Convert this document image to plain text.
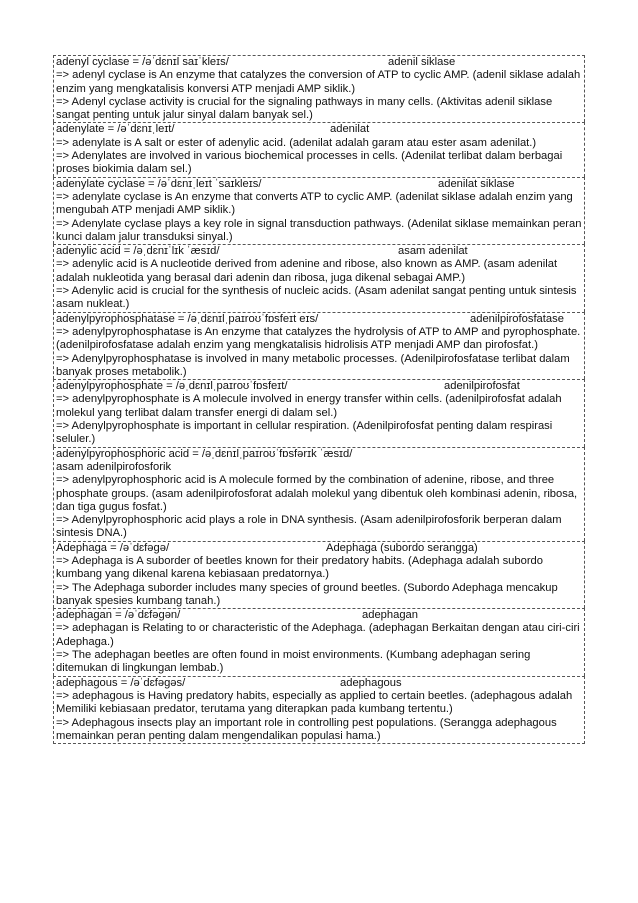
adenyl cyclase = /əˈdɛnɪl saɪˈkleɪs/	adenil siklase
=> adenyl cyclase is An enzyme that catalyzes the conversion of ATP to cyclic AMP. (adenil siklase adalah enzim yang mengkatalisis konversi ATP menjadi AMP siklik.)
=> Adenyl cyclase activity is crucial for the signaling pathways in many cells. (Aktivitas adenil siklase sangat penting untuk jalur sinyal dalam banyak sel.)
adenylate = /əˈdɛnɪˌleɪt/	adenilat
=> adenylate is A salt or ester of adenylic acid. (adenilat adalah garam atau ester asam adenilat.)
=> Adenylates are involved in various biochemical processes in cells. (Adenilat terlibat dalam berbagai proses biokimia dalam sel.)
adenylate cyclase = /əˈdɛnɪˌleɪt ˈsaɪkleɪs/	adenilat siklase
=> adenylate cyclase is An enzyme that converts ATP to cyclic AMP. (adenilat siklase adalah enzim yang mengubah ATP menjadi AMP siklik.)
=> Adenylate cyclase plays a key role in signal transduction pathways. (Adenilat siklase memainkan peran kunci dalam jalur transduksi sinyal.)
adenylic acid = /əˌdɛnɪˈlɪk ˈæsɪd/	asam adenilat
=> adenylic acid is A nucleotide derived from adenine and ribose, also known as AMP. (asam adenilat adalah nukleotida yang berasal dari adenin dan ribosa, juga dikenal sebagai AMP.)
=> Adenylic acid is crucial for the synthesis of nucleic acids. (Asam adenilat sangat penting untuk sintesis asam nukleat.)
adenylpyrophosphatase = /əˌdɛnɪlˌpaɪroʊˈfɒsfeɪt eɪs/	adenilpirofosfatase
=> adenylpyrophosphatase is An enzyme that catalyzes the hydrolysis of ATP to AMP and pyrophosphate. (adenilpirofosfatase adalah enzim yang mengkatalisis hidrolisis ATP menjadi AMP dan pirofosfat.)
=> Adenylpyrophosphatase is involved in many metabolic processes. (Adenilpirofosfatase terlibat dalam banyak proses metabolik.)
adenylpyrophosphate = /əˌdɛnɪlˌpaɪroʊˈfɒsfeɪt/	adenilpirofosfat
=> adenylpyrophosphate is A molecule involved in energy transfer within cells. (adenilpirofosfat adalah molekul yang terlibat dalam transfer energi di dalam sel.)
=> Adenylpyrophosphate is important in cellular respiration. (Adenilpirofosfat penting dalam respirasi seluler.)
adenylpyrophosphoric acid = /əˌdɛnɪlˌpaɪroʊˈfɒsfərɪk ˈæsɪd/
asam adenilpirofosforik
=> adenylpyrophosphoric acid is A molecule formed by the combination of adenine, ribose, and three phosphate groups. (asam adenilpirofosforat adalah molekul yang dibentuk oleh kombinasi adenin, ribosa, dan tiga gugus fosfat.)
=> Adenylpyrophosphoric acid plays a role in DNA synthesis. (Asam adenilpirofosforik berperan dalam sintesis DNA.)
Adephaga = /əˈdɛfəgə/	Adephaga (subordo serangga)
=> Adephaga is A suborder of beetles known for their predatory habits. (Adephaga adalah subordo kumbang yang dikenal karena kebiasaan predatornya.)
=> The Adephaga suborder includes many species of ground beetles. (Subordo Adephaga mencakup banyak spesies kumbang tanah.)
adephagan = /əˈdɛfəgən/	adephagan
=> adephagan is Relating to or characteristic of the Adephaga. (adephagan Berkaitan dengan atau ciri-ciri Adephaga.)
=> The adephagan beetles are often found in moist environments. (Kumbang adephagan sering ditemukan di lingkungan lembab.)
adephagous = /əˈdɛfəgəs/	adephagous
=> adephagous is Having predatory habits, especially as applied to certain beetles. (adephagous adalah Memiliki kebiasaan predator, terutama yang diterapkan pada kumbang tertentu.)
=> Adephagous insects play an important role in controlling pest populations. (Serangga adephagous memainkan peran penting dalam mengendalikan populasi hama.)
